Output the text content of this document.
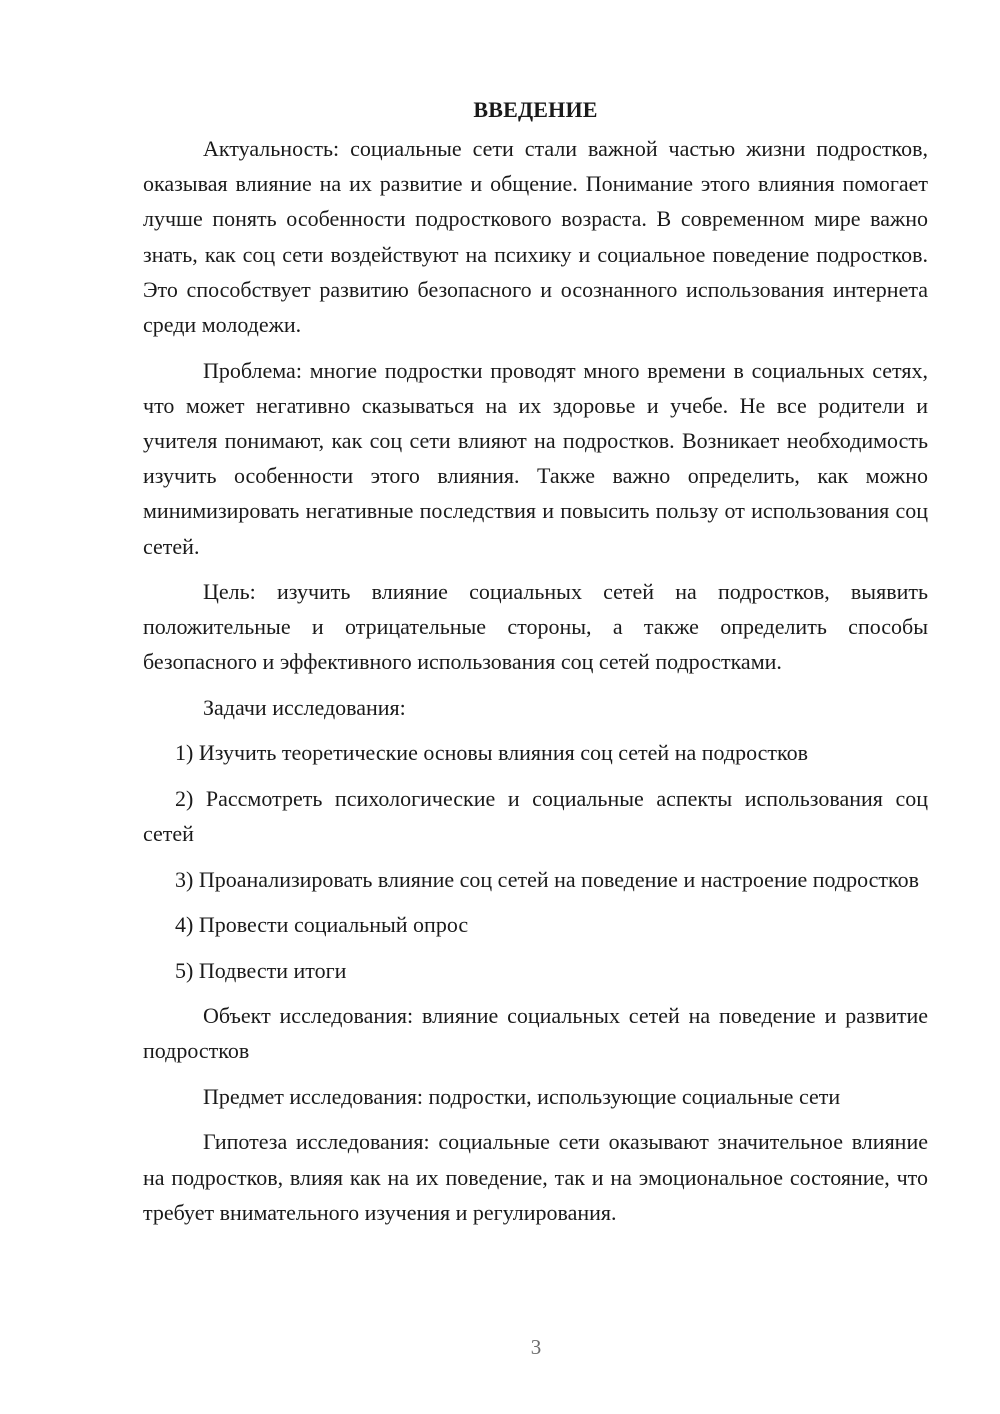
ВВЕДЕНИЕ

Актуальность: социальные сети стали важной частью жизни подростков, оказывая влияние на их развитие и общение. Понимание этого влияния помогает лучше понять особенности подросткового возраста. В современном мире важно знать, как соц сети воздействуют на психику и социальное поведение подростков. Это способствует развитию безопасного и осознанного использования интернета среди молодежи.

Проблема: многие подростки проводят много времени в социальных сетях, что может негативно сказываться на их здоровье и учебе. Не все родители и учителя понимают, как соц сети влияют на подростков. Возникает необходимость изучить особенности этого влияния. Также важно определить, как можно минимизировать негативные последствия и повысить пользу от использования соц сетей.

Цель: изучить влияние социальных сетей на подростков, выявить положительные и отрицательные стороны, а также определить способы безопасного и эффективного использования соц сетей подростками.

Задачи исследования:

1) Изучить теоретические основы влияния соц сетей на подростков

2) Рассмотреть психологические и социальные аспекты использования соц сетей

3) Проанализировать влияние соц сетей на поведение и настроение подростков

4) Провести социальный опрос

5) Подвести итоги

Объект исследования: влияние социальных сетей на поведение и развитие подростков

Предмет исследования: подростки, использующие социальные сети

Гипотеза исследования: социальные сети оказывают значительное влияние на подростков, влияя как на их поведение, так и на эмоциональное состояние, что требует внимательного изучения и регулирования.

3
